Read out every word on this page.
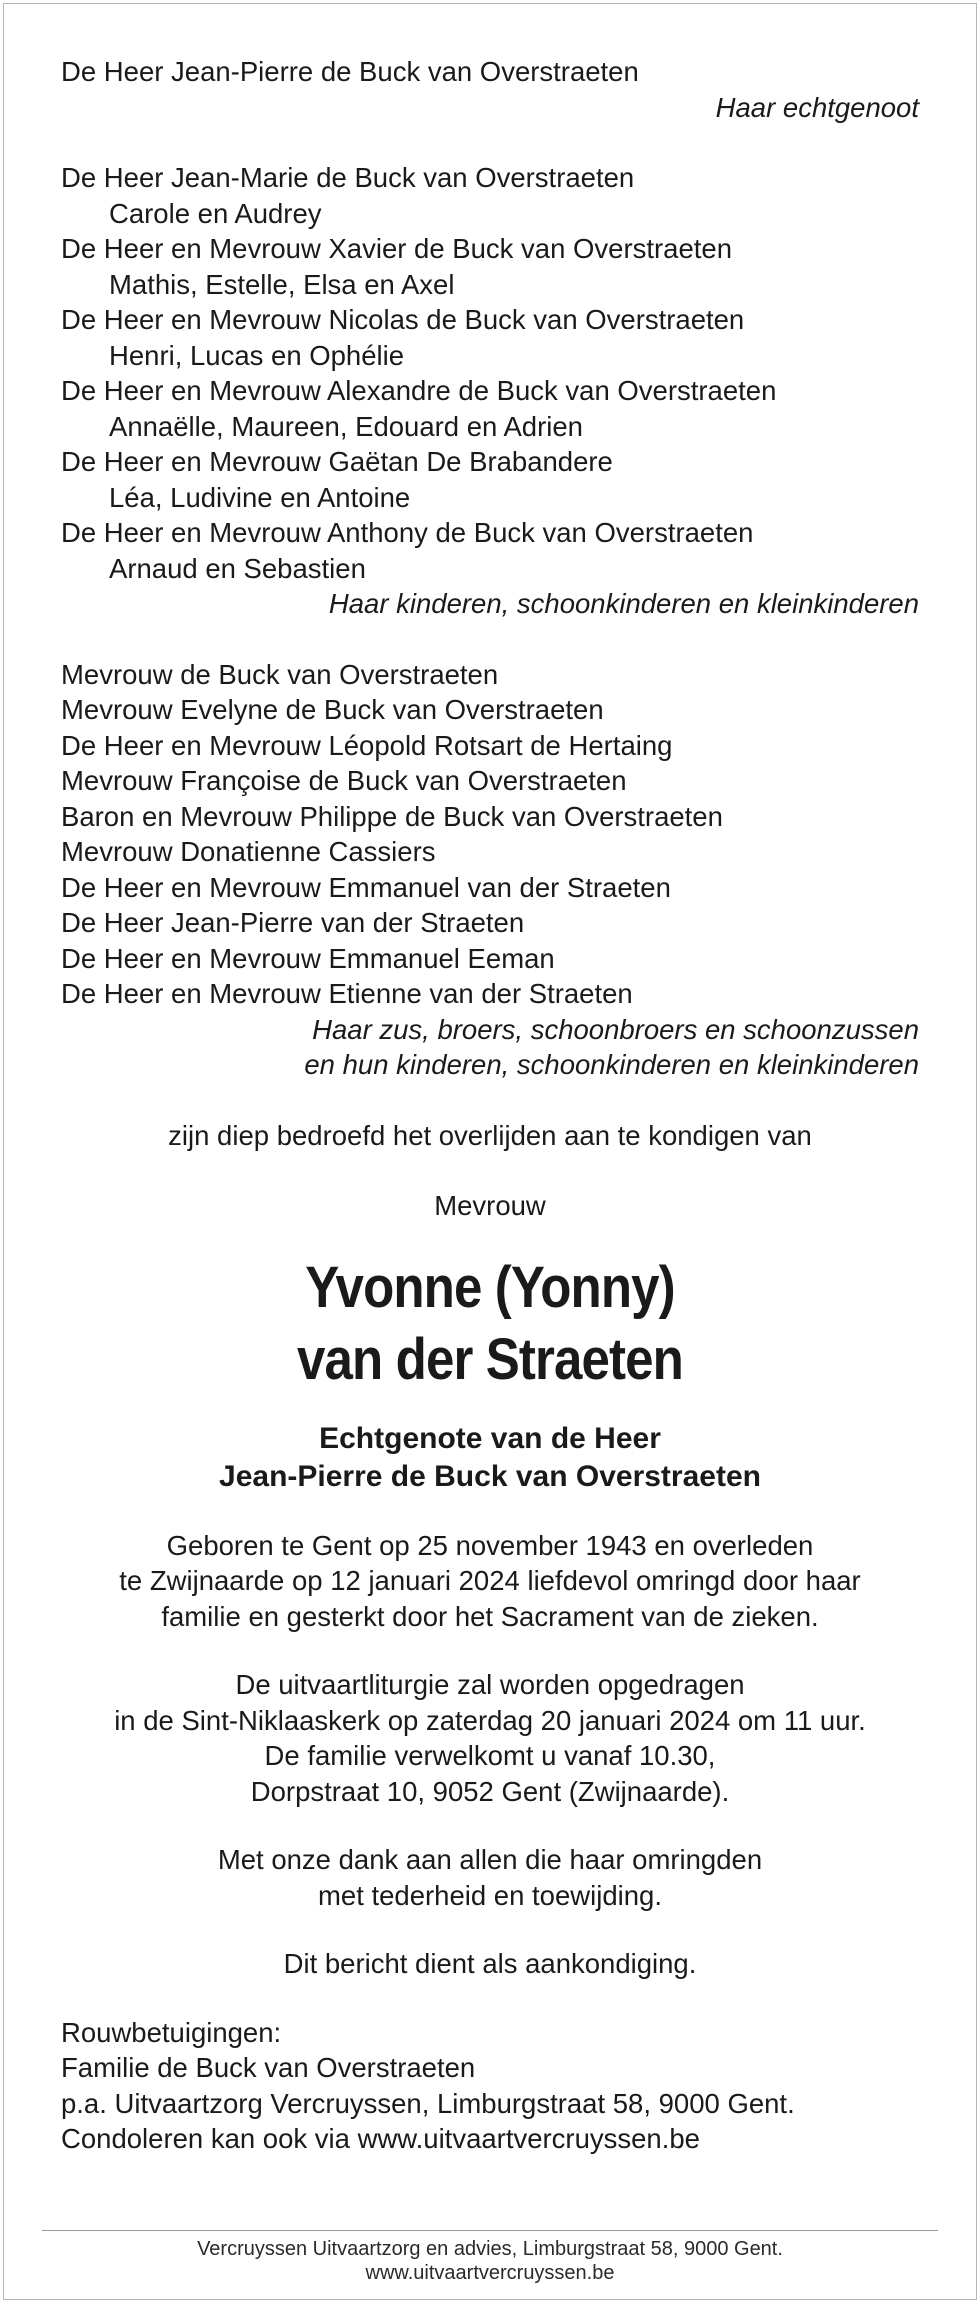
De Heer Jean-Pierre de Buck van Overstraeten
Haar echtgenoot
De Heer Jean-Marie de Buck van Overstraeten
Carole en Audrey
De Heer en Mevrouw Xavier de Buck van Overstraeten
Mathis, Estelle, Elsa en Axel
De Heer en Mevrouw Nicolas de Buck van Overstraeten
Henri, Lucas en Ophélie
De Heer en Mevrouw Alexandre de Buck van Overstraeten
Annaëlle, Maureen, Edouard en Adrien
De Heer en Mevrouw Gaëtan De Brabandere
Léa, Ludivine en Antoine
De Heer en Mevrouw Anthony de Buck van Overstraeten
Arnaud en Sebastien
Haar kinderen, schoonkinderen en kleinkinderen
Mevrouw de Buck van Overstraeten
Mevrouw Evelyne de Buck van Overstraeten
De Heer en Mevrouw Léopold Rotsart de Hertaing
Mevrouw Françoise de Buck van Overstraeten
Baron en Mevrouw Philippe de Buck van Overstraeten
Mevrouw Donatienne Cassiers
De Heer en Mevrouw Emmanuel van der Straeten
De Heer Jean-Pierre van der Straeten
De Heer en Mevrouw Emmanuel Eeman
De Heer en Mevrouw Etienne van der Straeten
Haar zus, broers, schoonbroers en schoonzussen
en hun kinderen, schoonkinderen en kleinkinderen
zijn diep bedroefd het overlijden aan te kondigen van
Mevrouw
Yvonne (Yonny)
van der Straeten
Echtgenote van de Heer
Jean-Pierre de Buck van Overstraeten
Geboren te Gent op 25 november 1943 en overleden
te Zwijnaarde op 12 januari 2024 liefdevol omringd door haar
familie en gesterkt door het Sacrament van de zieken.
De uitvaartliturgie zal worden opgedragen
in de Sint-Niklaaskerk op zaterdag 20 januari 2024 om 11 uur.
De familie verwelkomt u vanaf 10.30,
Dorpstraat 10, 9052 Gent (Zwijnaarde).
Met onze dank aan allen die haar omringden
met tederheid en toewijding.
Dit bericht dient als aankondiging.
Rouwbetuigingen:
Familie de Buck van Overstraeten
p.a. Uitvaartzorg Vercruyssen, Limburgstraat 58, 9000 Gent.
Condoleren kan ook via www.uitvaartvercruyssen.be
Vercruyssen Uitvaartzorg en advies, Limburgstraat 58, 9000 Gent.
www.uitvaartvercruyssen.be
